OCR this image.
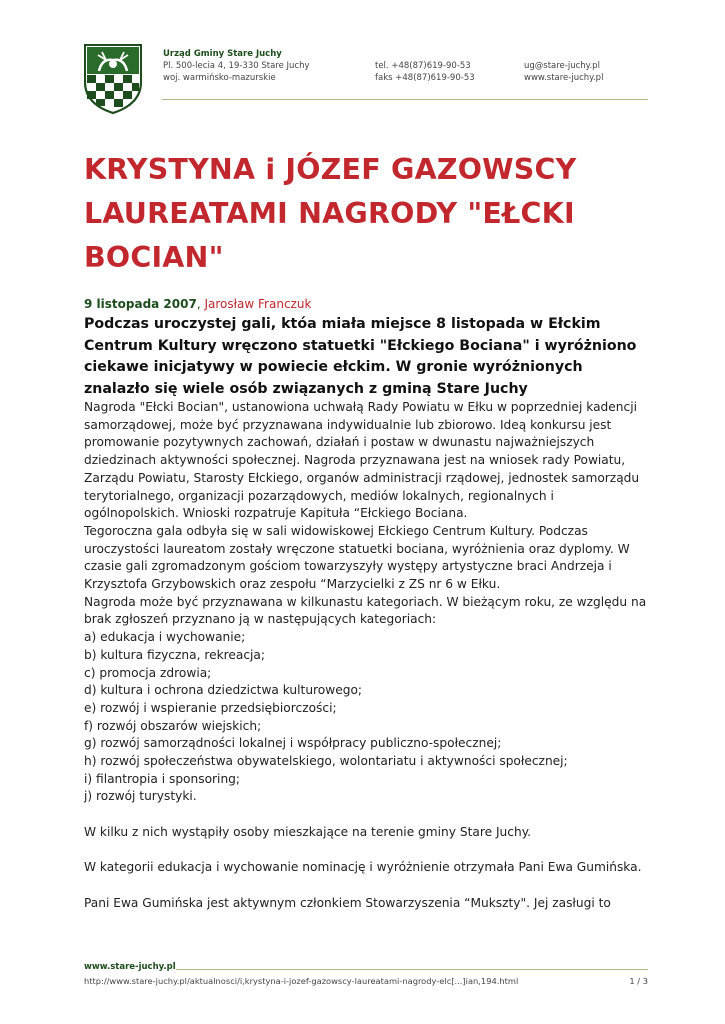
Urząd Gminy Stare Juchy
Pl. 500-lecia 4, 19-330 Stare Juchy
woj. warmińsko-mazurskie
tel. +48(87)619-90-53
faks +48(87)619-90-53
ug@stare-juchy.pl
www.stare-juchy.pl
KRYSTYNA i JÓZEF GAZOWSCY LAUREATAMI NAGRODY "EŁCKI BOCIAN"
9 listopada 2007, Jarosław Franczuk

Podczas uroczystej gali, któa miała miejsce 8 listopada w Ełckim Centrum Kultury wręczono statuetki "Ełckiego Bociana" i wyróżniono ciekawe inicjatywy w powiecie ełckim. W gronie wyróżnionych znalazło się wiele osób związanych z gminą Stare Juchy

Nagroda "Ełcki Bocian", ustanowiona uchwałą Rady Powiatu w Ełku w poprzedniej kadencji samorządowej, może być przyznawana indywidualnie lub zbiorowo. Ideą konkursu jest promowanie pozytywnych zachowań, działań i postaw w dwunastu najważniejszych dziedzinach aktywności społecznej. Nagroda przyznawana jest na wniosek rady Powiatu, Zarządu Powiatu, Starosty Ełckiego, organów administracji rządowej, jednostek samorządu terytorialnego, organizacji pozarządowych, mediów lokalnych, regionalnych i ogólnopolskich. Wnioski rozpatruje Kapituła “Ełckiego Bociana.

Tegoroczna gala odbyła się w sali widowiskowej Ełckiego Centrum Kultury. Podczas uroczystości laureatom zostały wręczone statuetki bociana, wyróżnienia oraz dyplomy. W czasie gali zgromadzonym gościom towarzyszyły występy artystyczne braci Andrzeja i Krzysztofa Grzybowskich oraz zespołu “Marzycielki z ZS nr 6 w Ełku.

Nagroda może być przyznawana w kilkunastu kategoriach. W bieżącym roku, ze względu na brak zgłoszeń przyznano ją w następujących kategoriach:

a) edukacja i wychowanie;
b) kultura fizyczna, rekreacja;
c) promocja zdrowia;
d) kultura i ochrona dziedzictwa kulturowego;
e) rozwój i wspieranie przedsiębiorczości;
f) rozwój obszarów wiejskich;
g) rozwój samorządności lokalnej i współpracy publiczno-społecznej;
h) rozwój społeczeństwa obywatelskiego, wolontariatu i aktywności społecznej;
i) filantropia i sponsoring;
j) rozwój turystyki.

W kilku z nich wystąpiły osoby mieszkające na terenie gminy Stare Juchy.

W kategorii edukacja i wychowanie nominację i wyróżnienie otrzymała Pani Ewa Gumińska.

Pani Ewa Gumińska jest aktywnym członkiem Stowarzyszenia “Mukszty". Jej zasługi to

www.stare-juchy.pl
http://www.stare-juchy.pl/aktualnosci/i,krystyna-i-jozef-gazowscy-laureatami-nagrody-elc[...]ian,194.html	1 / 3
